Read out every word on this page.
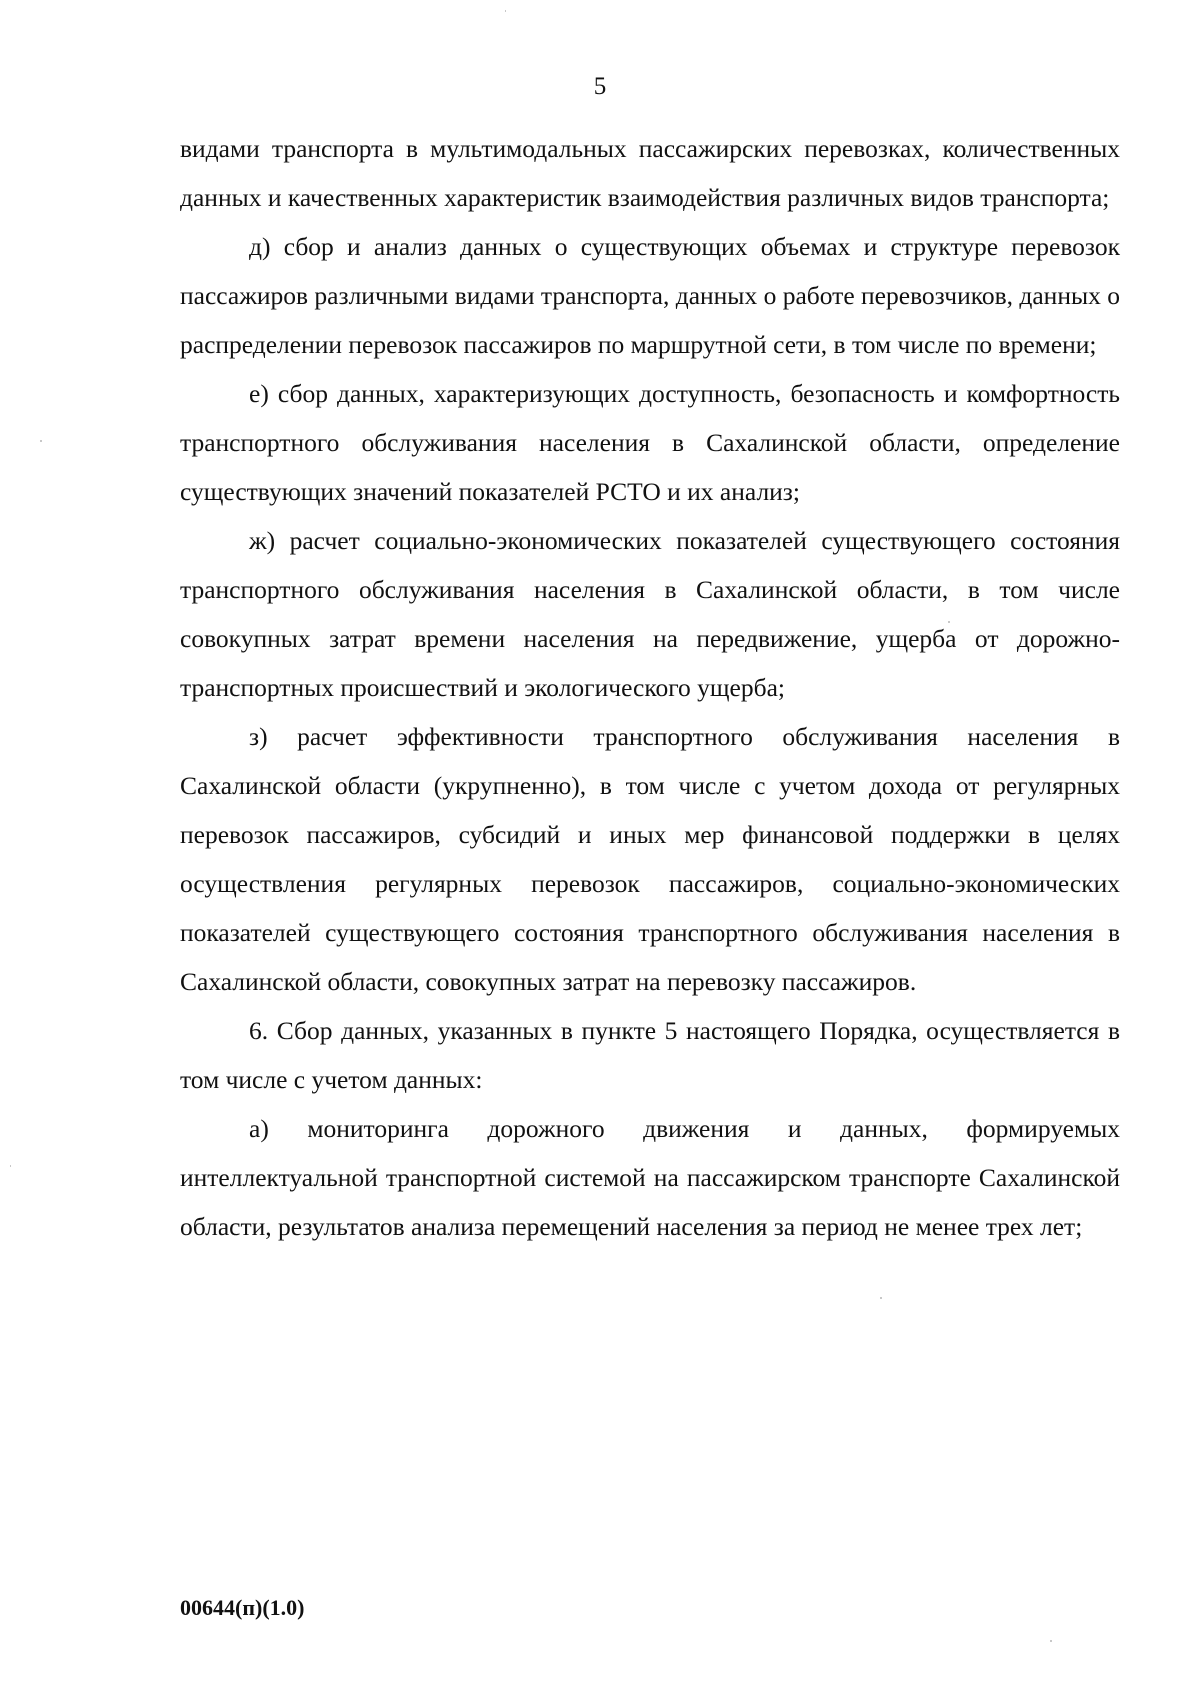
5

видами транспорта в мультимодальных пассажирских перевозках, количественных данных и качественных характеристик взаимодействия различных видов транспорта;

д) сбор и анализ данных о существующих объемах и структуре перевозок пассажиров различными видами транспорта, данных о работе перевозчиков, данных о распределении перевозок пассажиров по маршрутной сети, в том числе по времени;

е) сбор данных, характеризующих доступность, безопасность и комфортность транспортного обслуживания населения в Сахалинской области, определение существующих значений показателей РСТО и их анализ;

ж) расчет социально-экономических показателей существующего состояния транспортного обслуживания населения в Сахалинской области, в том числе совокупных затрат времени населения на передвижение, ущерба от дорожно-транспортных происшествий и экологического ущерба;

з) расчет эффективности транспортного обслуживания населения в Сахалинской области (укрупненно), в том числе с учетом дохода от регулярных перевозок пассажиров, субсидий и иных мер финансовой поддержки в целях осуществления регулярных перевозок пассажиров, социально-экономических показателей существующего состояния транспортного обслуживания населения в Сахалинской области, совокупных затрат на перевозку пассажиров.

6. Сбор данных, указанных в пункте 5 настоящего Порядка, осуществляется в том числе с учетом данных:

а) мониторинга дорожного движения и данных, формируемых интеллектуальной транспортной системой на пассажирском транспорте Сахалинской области, результатов анализа перемещений населения за период не менее трех лет;

00644(п)(1.0)
